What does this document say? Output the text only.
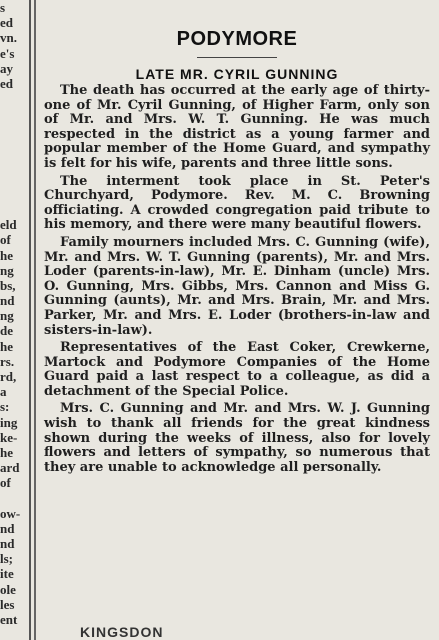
s
ed
vn.
e's
ay
ed
eld
of
he
ng
bs,
nd
ng
de
he
rs.
rd,
a
s:
ing
ke-
he
ard
of
ow-
nd
nd
ls;
ite
ole
les
ent
PODYMORE
LATE MR. CYRIL GUNNING

The death has occurred at the early age of thirty-one of Mr. Cyril Gunning, of Higher Farm, only son of Mr. and Mrs. W. T. Gunning. He was much respected in the district as a young farmer and popular member of the Home Guard, and sympathy is felt for his wife, parents and three little sons.

The interment took place in St. Peter's Churchyard, Podymore. Rev. M. C. Browning officiating. A crowded congregation paid tribute to his memory, and there were many beautiful flowers.

Family mourners included Mrs. C. Gunning (wife), Mr. and Mrs. W. T. Gunning (parents), Mr. and Mrs. Loder (parents-in-law), Mr. E. Dinham (uncle) Mrs. O. Gunning, Mrs. Gibbs, Mrs. Cannon and Miss G. Gunning (aunts), Mr. and Mrs. Brain, Mr. and Mrs. Parker, Mr. and Mrs. E. Loder (brothers-in-law and sisters-in-law).

Representatives of the East Coker, Crewkerne, Martock and Podymore Companies of the Home Guard paid a last respect to a colleague, as did a detachment of the Special Police.

Mrs. C. Gunning and Mr. and Mrs. W. J. Gunning wish to thank all friends for the great kindness shown during the weeks of illness, also for lovely flowers and letters of sympathy, so numerous that they are unable to acknowledge all personally.

KINGSDON
